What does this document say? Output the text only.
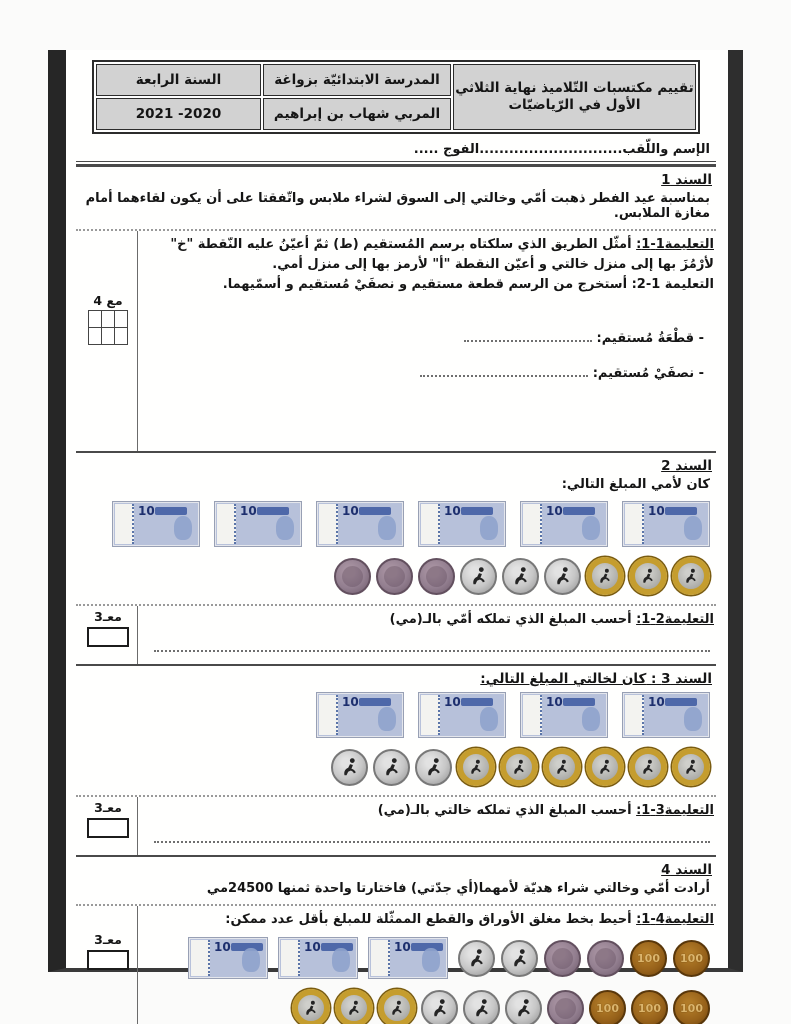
المدرسة الابتدائيّة بزواغة
تقييم مكتسبات التّلاميذ نهاية الثلاثي
الأول في الرّياضيّات
السنة الرابعة
المربي شهاب بن إبراهيم
2020- 2021
الإسم واللّقب.............................الفوج .....
السند 1
بمناسبة عيد الفطر ذهبت أمّي وخالتي إلى السوق لشراء ملابس واتّفقتا على أن يكون لقاءهما أمام مغازة الملابس.
مع 4
التعليمة1-1: أمثّل الطريق الذي سلكتاه برسم المُستقيم (ط) ثمّ أعيّنُ عليه النّقطة "خ" لأرْمُزَ بها إلى منزل خالتي و أعيّن النقطة "أ" لأرمز بها إلى منزل أمي.
التعليمة 1-2: أستخرج من الرسم قطعة مستقيم و نصفَيْ مُستقيم و أسمّيهما.
- قطْعَةُ مُستقيم:
- نصفَيْ مُستقيم:
السند 2
كان لأمي المبلغ التالي:
10	10	10	10	10	10
معـ3	التعليمة2-1: أحسب المبلغ الذي تملكه أمّي بالـ(مي)
السند 3 : كان لخالتي المبلغ التالي:
10	10	10	10
معـ3	التعليمة3-1: أحسب المبلغ الذي تملكه خالتي بالـ(مي)
السند 4
أرادت أمّي وخالتي شراء هديّة لأمهما(أي جدّتي) فاختارتا واحدة ثمنها 24500مي
معـ3
التعليمة4-1: أحيط بخط مغلق الأوراق والقطع الممثّلة للمبلغ بأقل عدد ممكن:
10	10	10
100 100
100 100 100
